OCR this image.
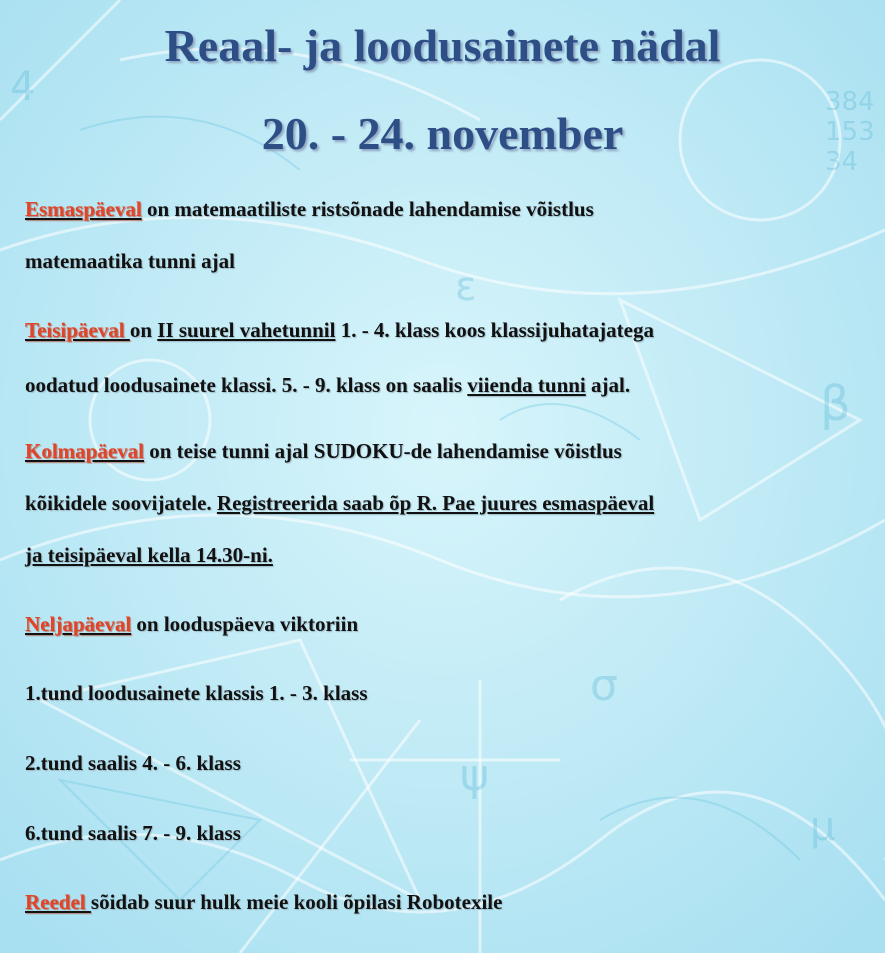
384
153
34
β
ε
σ
ψ
μ
4
Reaal- ja loodusainete nädal
20. - 24. november
Esmaspäeval on matemaatiliste ristsõnade lahendamise võistlus
matemaatika tunni ajal
Teisipäeval on II suurel vahetunnil 1. - 4. klass koos klassijuhatajatega
oodatud loodusainete klassi. 5. - 9. klass on saalis viienda tunni ajal.
Kolmapäeval on teise tunni ajal SUDOKU-de lahendamise võistlus
kõikidele soovijatele. Registreerida saab õp R. Pae juures esmaspäeval
ja teisipäeval kella 14.30-ni.
Neljapäeval on looduspäeva viktoriin
1.tund loodusainete klassis 1. - 3. klass
2.tund saalis 4. - 6. klass
6.tund saalis 7. - 9. klass
Reedel sõidab suur hulk meie kooli õpilasi Robotexile
